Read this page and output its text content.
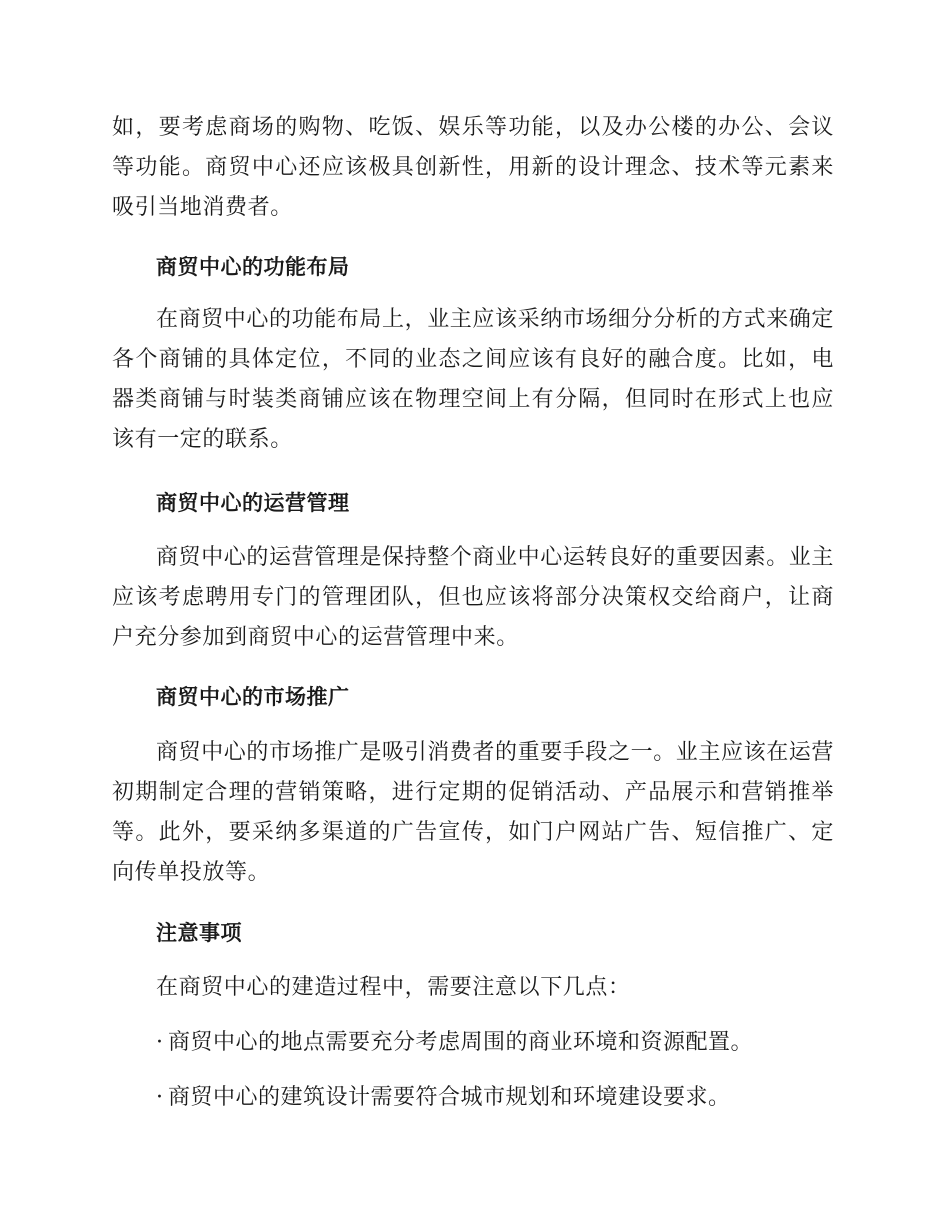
如，要考虑商场的购物、吃饭、娱乐等功能，以及办公楼的办公、会议等功能。商贸中心还应该极具创新性，用新的设计理念、技术等元素来吸引当地消费者。

商贸中心的功能布局

在商贸中心的功能布局上，业主应该采纳市场细分分析的方式来确定各个商铺的具体定位，不同的业态之间应该有良好的融合度。比如，电器类商铺与时装类商铺应该在物理空间上有分隔，但同时在形式上也应该有一定的联系。

商贸中心的运营管理

商贸中心的运营管理是保持整个商业中心运转良好的重要因素。业主应该考虑聘用专门的管理团队，但也应该将部分决策权交给商户，让商户充分参加到商贸中心的运营管理中来。

商贸中心的市场推广

商贸中心的市场推广是吸引消费者的重要手段之一。业主应该在运营初期制定合理的营销策略，进行定期的促销活动、产品展示和营销推举等。此外，要采纳多渠道的广告宣传，如门户网站广告、短信推广、定向传单投放等。

注意事项

在商贸中心的建造过程中，需要注意以下几点：

· 商贸中心的地点需要充分考虑周围的商业环境和资源配置。

· 商贸中心的建筑设计需要符合城市规划和环境建设要求。
